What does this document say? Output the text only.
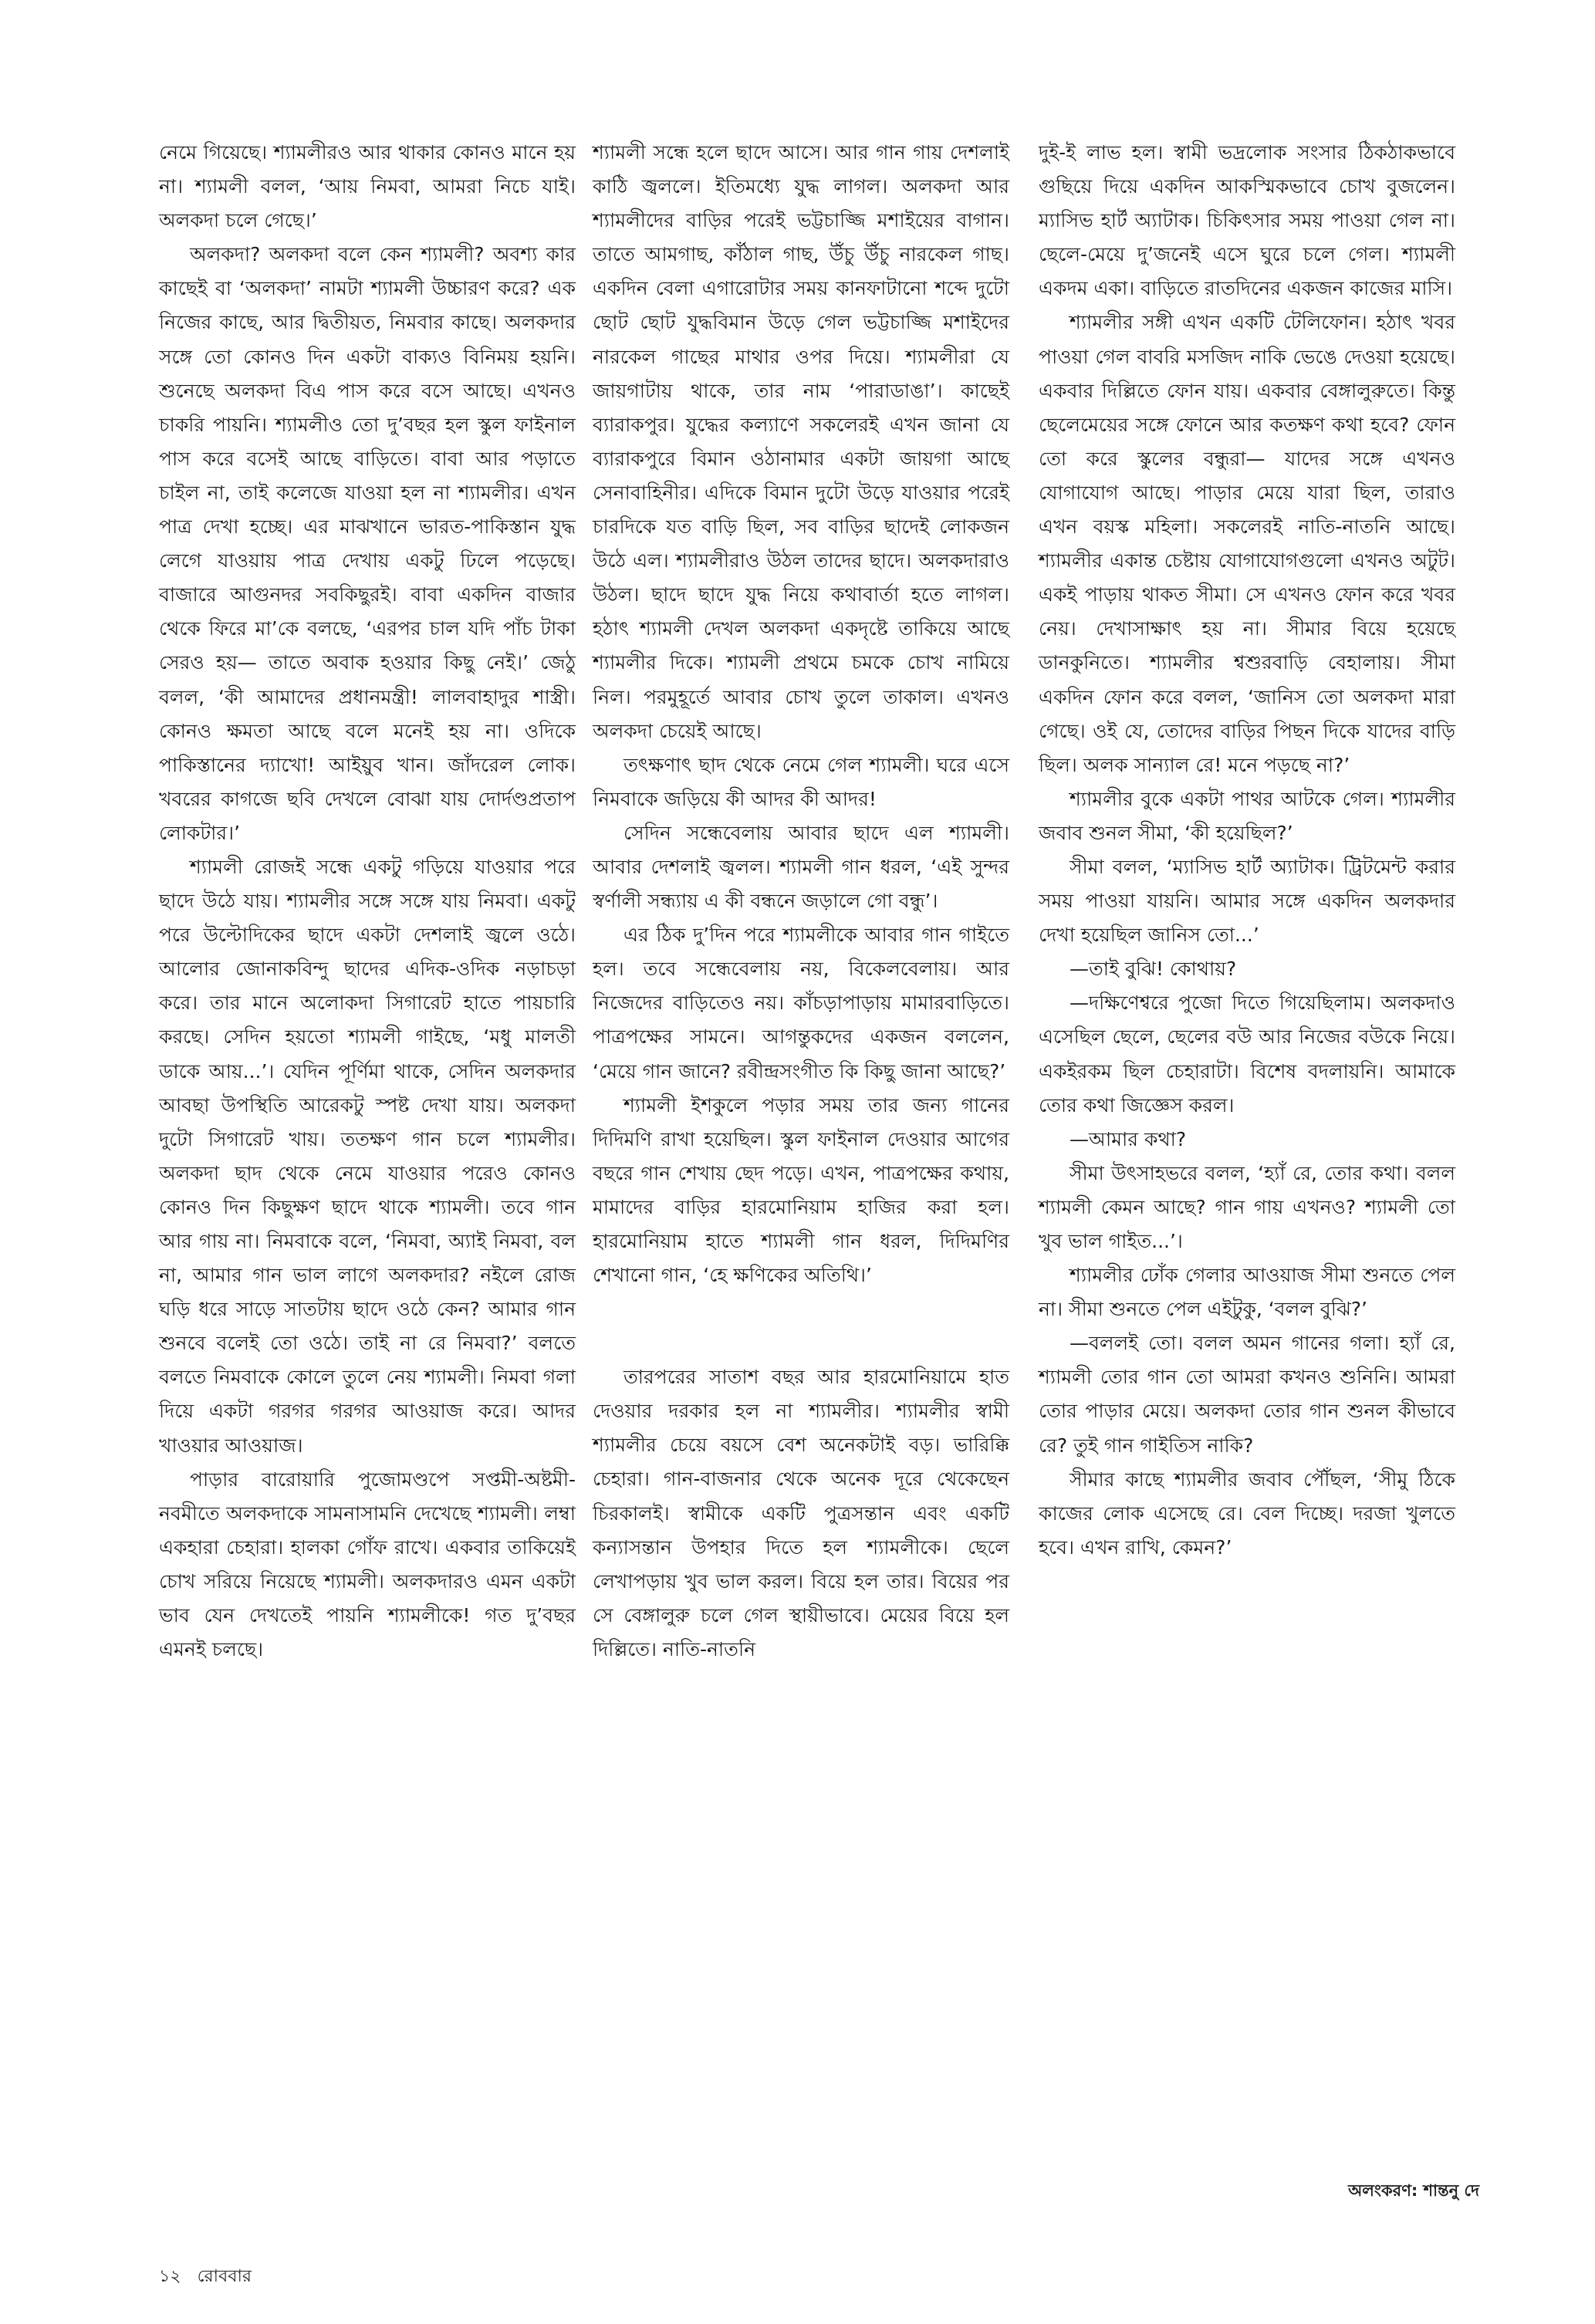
নেমে গিয়েছে। শ্যামলীরও আর থাকার কোনও মানে হয় না। শ্যামলী বলল, ‘আয় নিমবা, আমরা নিচে যাই। অলকদা চলে গেছে।’

অলকদা? অলকদা বলে কেন শ্যামলী? অবশ্য কার কাছেই বা ‘অলকদা’ নামটা শ্যামলী উচ্চারণ করে? এক নিজের কাছে, আর দ্বিতীয়ত, নিমবার কাছে। অলকদার সঙ্গে তো কোনও দিন একটা বাক্যও বিনিময় হয়নি। শুনেছে অলকদা বিএ পাস করে বসে আছে। এখনও চাকরি পায়নি। শ্যামলীও তো দু’বছর হল স্কুল ফাইনাল পাস করে বসেই আছে বাড়িতে। বাবা আর পড়াতে চাইল না, তাই কলেজে যাওয়া হল না শ্যামলীর। এখন পাত্র দেখা হচ্ছে। এর মাঝখানে ভারত-পাকিস্তান যুদ্ধ লেগে যাওয়ায় পাত্র দেখায় একটু ঢিলে পড়েছে। বাজারে আগুনদর সবকিছুরই। বাবা একদিন বাজার থেকে ফিরে মা’কে বলছে, ‘এরপর চাল যদি পাঁচ টাকা সেরও হয়— তাতে অবাক হওয়ার কিছু নেই।’ জেঠু বলল, ‘কী আমাদের প্রধানমন্ত্রী! লালবাহাদুর শাস্ত্রী। কোনও ক্ষমতা আছে বলে মনেই হয় না। ওদিকে পাকিস্তানের দ্যাখো! আইয়ুব খান। জাঁদরেল লোক। খবরের কাগজে ছবি দেখলে বোঝা যায় দোর্দণ্ডপ্রতাপ লোকটার।’

শ্যামলী রোজই সন্ধে একটু গড়িয়ে যাওয়ার পরে ছাদে উঠে যায়। শ্যামলীর সঙ্গে সঙ্গে যায় নিমবা। একটু পরে উল্টোদিকের ছাদে একটা দেশলাই জ্বলে ওঠে। আলোর জোনাকবিন্দু ছাদের এদিক-ওদিক নড়াচড়া করে। তার মানে অলোকদা সিগারেট হাতে পায়চারি করছে। সেদিন হয়তো শ্যামলী গাইছে, ‘মধু মালতী ডাকে আয়...’। যেদিন পূর্ণিমা থাকে, সেদিন অলকদার আবছা উপস্থিতি আরেকটু স্পষ্ট দেখা যায়। অলকদা দুটো সিগারেট খায়। ততক্ষণ গান চলে শ্যামলীর। অলকদা ছাদ থেকে নেমে যাওয়ার পরেও কোনও কোনও দিন কিছুক্ষণ ছাদে থাকে শ্যামলী। তবে গান আর গায় না। নিমবাকে বলে, ‘নিমবা, অ্যাই নিমবা, বল না, আমার গান ভাল লাগে অলকদার? নইলে রোজ ঘড়ি ধরে সাড়ে সাতটায় ছাদে ওঠে কেন? আমার গান শুনবে বলেই তো ওঠে। তাই না রে নিমবা?’ বলতে বলতে নিমবাকে কোলে তুলে নেয় শ্যামলী। নিমবা গলা দিয়ে একটা গরগর গরগর আওয়াজ করে। আদর খাওয়ার আওয়াজ।

পাড়ার বারোয়ারি পুজোমণ্ডপে সপ্তমী-অষ্টমী-নবমীতে অলকদাকে সামনাসামনি দেখেছে শ্যামলী। লম্বা একহারা চেহারা। হালকা গোঁফ রাখে। একবার তাকিয়েই চোখ সরিয়ে নিয়েছে শ্যামলী। অলকদারও এমন একটা ভাব যেন দেখতেই পায়নি শ্যামলীকে! গত দু’বছর এমনই চলছে।

শ্যামলী সন্ধে হলে ছাদে আসে। আর গান গায় দেশলাই কাঠি জ্বললে। ইতিমধ্যে যুদ্ধ লাগল। অলকদা আর শ্যামলীদের বাড়ির পরেই ভট্টচাজ্জি মশাইয়ের বাগান। তাতে আমগাছ, কাঁঠাল গাছ, উঁচু উঁচু নারকেল গাছ। একদিন বেলা এগারোটার সময় কানফাটানো শব্দে দুটো ছোট ছোট যুদ্ধবিমান উড়ে গেল ভট্টচাজ্জি মশাইদের নারকেল গাছের মাথার ওপর দিয়ে। শ্যামলীরা যে জায়গাটায় থাকে, তার নাম ‘পারাডাঙা’। কাছেই ব্যারাকপুর। যুদ্ধের কল্যাণে সকলেরই এখন জানা যে ব্যারাকপুরে বিমান ওঠানামার একটা জায়গা আছে সেনাবাহিনীর। এদিকে বিমান দুটো উড়ে যাওয়ার পরেই চারদিকে যত বাড়ি ছিল, সব বাড়ির ছাদেই লোকজন উঠে এল। শ্যামলীরাও উঠল তাদের ছাদে। অলকদারাও উঠল। ছাদে ছাদে যুদ্ধ নিয়ে কথাবার্তা হতে লাগল। হঠাৎ শ্যামলী দেখল অলকদা একদৃষ্টে তাকিয়ে আছে শ্যামলীর দিকে। শ্যামলী প্রথমে চমকে চোখ নামিয়ে নিল। পরমুহূর্তে আবার চোখ তুলে তাকাল। এখনও অলকদা চেয়েই আছে।

তৎক্ষণাৎ ছাদ থেকে নেমে গেল শ্যামলী। ঘরে এসে নিমবাকে জড়িয়ে কী আদর কী আদর!

সেদিন সন্ধেবেলায় আবার ছাদে এল শ্যামলী। আবার দেশলাই জ্বলল। শ্যামলী গান ধরল, ‘এই সুন্দর স্বর্ণালী সন্ধ্যায় এ কী বন্ধনে জড়ালে গো বন্ধু’।

এর ঠিক দু’দিন পরে শ্যামলীকে আবার গান গাইতে হল। তবে সন্ধেবেলায় নয়, বিকেলবেলায়। আর নিজেদের বাড়িতেও নয়। কাঁচড়াপাড়ায় মামারবাড়িতে। পাত্রপক্ষের সামনে। আগন্তুকদের একজন বললেন, ‘মেয়ে গান জানে? রবীন্দ্রসংগীত কি কিছু জানা আছে?’

শ্যামলী ইশকুলে পড়ার সময় তার জন্য গানের দিদিমণি রাখা হয়েছিল। স্কুল ফাইনাল দেওয়ার আগের বছরে গান শেখায় ছেদ পড়ে। এখন, পাত্রপক্ষের কথায়, মামাদের বাড়ির হারমোনিয়াম হাজির করা হল। হারমোনিয়াম হাতে শ্যামলী গান ধরল, দিদিমণির শেখানো গান, ‘হে ক্ষণিকের অতিথি।’

তারপরের সাতাশ বছর আর হারমোনিয়ামে হাত দেওয়ার দরকার হল না শ্যামলীর। শ্যামলীর স্বামী শ্যামলীর চেয়ে বয়সে বেশ অনেকটাই বড়। ভারিক্কি চেহারা। গান-বাজনার থেকে অনেক দূরে থেকেছেন চিরকালই। স্বামীকে একটি পুত্রসন্তান এবং একটি কন্যাসন্তান উপহার দিতে হল শ্যামলীকে। ছেলে লেখাপড়ায় খুব ভাল করল। বিয়ে হল তার। বিয়ের পর সে বেঙ্গালুরু চলে গেল স্থায়ীভাবে। মেয়ের বিয়ে হল দিল্লিতে। নাতি-নাতনি

দুই-ই লাভ হল। স্বামী ভদ্রলোক সংসার ঠিকঠাকভাবে গুছিয়ে দিয়ে একদিন আকস্মিকভাবে চোখ বুজলেন। ম্যাসিভ হার্ট অ্যাটাক। চিকিৎসার সময় পাওয়া গেল না। ছেলে-মেয়ে দু’জনেই এসে ঘুরে চলে গেল। শ্যামলী একদম একা। বাড়িতে রাতদিনের একজন কাজের মাসি।

শ্যামলীর সঙ্গী এখন একটি টেলিফোন। হঠাৎ খবর পাওয়া গেল বাবরি মসজিদ নাকি ভেঙে দেওয়া হয়েছে। একবার দিল্লিতে ফোন যায়। একবার বেঙ্গালুরুতে। কিন্তু ছেলেমেয়ের সঙ্গে ফোনে আর কতক্ষণ কথা হবে? ফোন তো করে স্কুলের বন্ধুরা— যাদের সঙ্গে এখনও যোগাযোগ আছে। পাড়ার মেয়ে যারা ছিল, তারাও এখন বয়স্ক মহিলা। সকলেরই নাতি-নাতনি আছে। শ্যামলীর একান্ত চেষ্টায় যোগাযোগগুলো এখনও অটুট। একই পাড়ায় থাকত সীমা। সে এখনও ফোন করে খবর নেয়। দেখাসাক্ষাৎ হয় না। সীমার বিয়ে হয়েছে ডানকুনিতে। শ্যামলীর শ্বশুরবাড়ি বেহালায়। সীমা একদিন ফোন করে বলল, ‘জানিস তো অলকদা মারা গেছে। ওই যে, তোদের বাড়ির পিছন দিকে যাদের বাড়ি ছিল। অলক সান্যাল রে! মনে পড়ছে না?’

শ্যামলীর বুকে একটা পাথর আটকে গেল। শ্যামলীর জবাব শুনল সীমা, ‘কী হয়েছিল?’

সীমা বলল, ‘ম্যাসিভ হার্ট অ্যাটাক। ট্রিটমেন্ট করার সময় পাওয়া যায়নি। আমার সঙ্গে একদিন অলকদার দেখা হয়েছিল জানিস তো...’

—তাই বুঝি! কোথায়?

—দক্ষিণেশ্বরে পুজো দিতে গিয়েছিলাম। অলকদাও এসেছিল ছেলে, ছেলের বউ আর নিজের বউকে নিয়ে। একইরকম ছিল চেহারাটা। বিশেষ বদলায়নি। আমাকে তোর কথা জিজ্ঞেস করল।

—আমার কথা?

সীমা উৎসাহভরে বলল, ‘হ্যাঁ রে, তোর কথা। বলল শ্যামলী কেমন আছে? গান গায় এখনও? শ্যামলী তো খুব ভাল গাইত...’।

শ্যামলীর ঢোঁক গেলার আওয়াজ সীমা শুনতে পেল না। সীমা শুনতে পেল এইটুকু, ‘বলল বুঝি?’

—বললই তো। বলল অমন গানের গলা। হ্যাঁ রে, শ্যামলী তোর গান তো আমরা কখনও শুনিনি। আমরা তোর পাড়ার মেয়ে। অলকদা তোর গান শুনল কীভাবে রে? তুই গান গাইতিস নাকি?

সীমার কাছে শ্যামলীর জবাব পৌঁছল, ‘সীমু ঠিকে কাজের লোক এসেছে রে। বেল দিচ্ছে। দরজা খুলতে হবে। এখন রাখি, কেমন?’

অলংকরণ: শান্তনু দে
১২ রোববার
